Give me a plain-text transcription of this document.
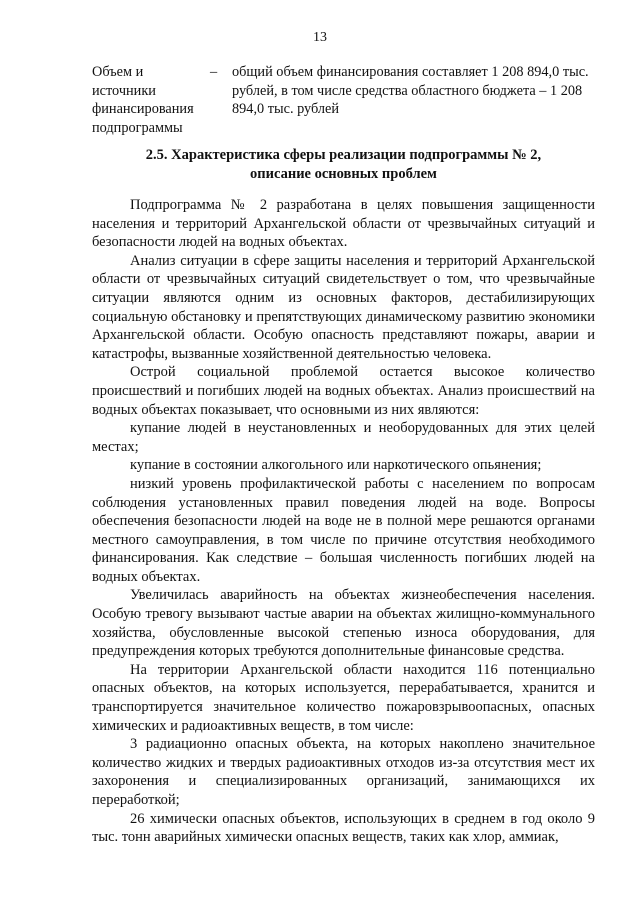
13
Объем и источники финансирования подпрограммы
– общий объем финансирования составляет 1 208 894,0 тыс. рублей, в том числе средства областного бюджета – 1 208 894,0 тыс. рублей
2.5. Характеристика сферы реализации подпрограммы № 2,
описание основных проблем

Подпрограмма № 2 разработана в целях повышения защищенности населения и территорий Архангельской области от чрезвычайных ситуаций и безопасности людей на водных объектах.

Анализ ситуации в сфере защиты населения и территорий Архангельской области от чрезвычайных ситуаций свидетельствует о том, что чрезвычайные ситуации являются одним из основных факторов, дестабилизирующих социальную обстановку и препятствующих динамическому развитию экономики Архангельской области. Особую опасность представляют пожары, аварии и катастрофы, вызванные хозяйственной деятельностью человека.

Острой социальной проблемой остается высокое количество происшествий и погибших людей на водных объектах. Анализ происшествий на водных объектах показывает, что основными из них являются:

купание людей в неустановленных и необорудованных для этих целей местах;

купание в состоянии алкогольного или наркотического опьянения;

низкий уровень профилактической работы с населением по вопросам соблюдения установленных правил поведения людей на воде. Вопросы обеспечения безопасности людей на воде не в полной мере решаются органами местного самоуправления, в том числе по причине отсутствия необходимого финансирования. Как следствие – большая численность погибших людей на водных объектах.

Увеличилась аварийность на объектах жизнеобеспечения населения. Особую тревогу вызывают частые аварии на объектах жилищно-коммунального хозяйства, обусловленные высокой степенью износа оборудования, для предупреждения которых требуются дополнительные финансовые средства.

На территории Архангельской области находится 116 потенциально опасных объектов, на которых используется, перерабатывается, хранится и транспортируется значительное количество пожаровзрывоопасных, опасных химических и радиоактивных веществ, в том числе:

3 радиационно опасных объекта, на которых накоплено значительное количество жидких и твердых радиоактивных отходов из-за отсутствия мест их захоронения и специализированных организаций, занимающихся их переработкой;

26 химически опасных объектов, использующих в среднем в год около 9 тыс. тонн аварийных химически опасных веществ, таких как хлор, аммиак,
